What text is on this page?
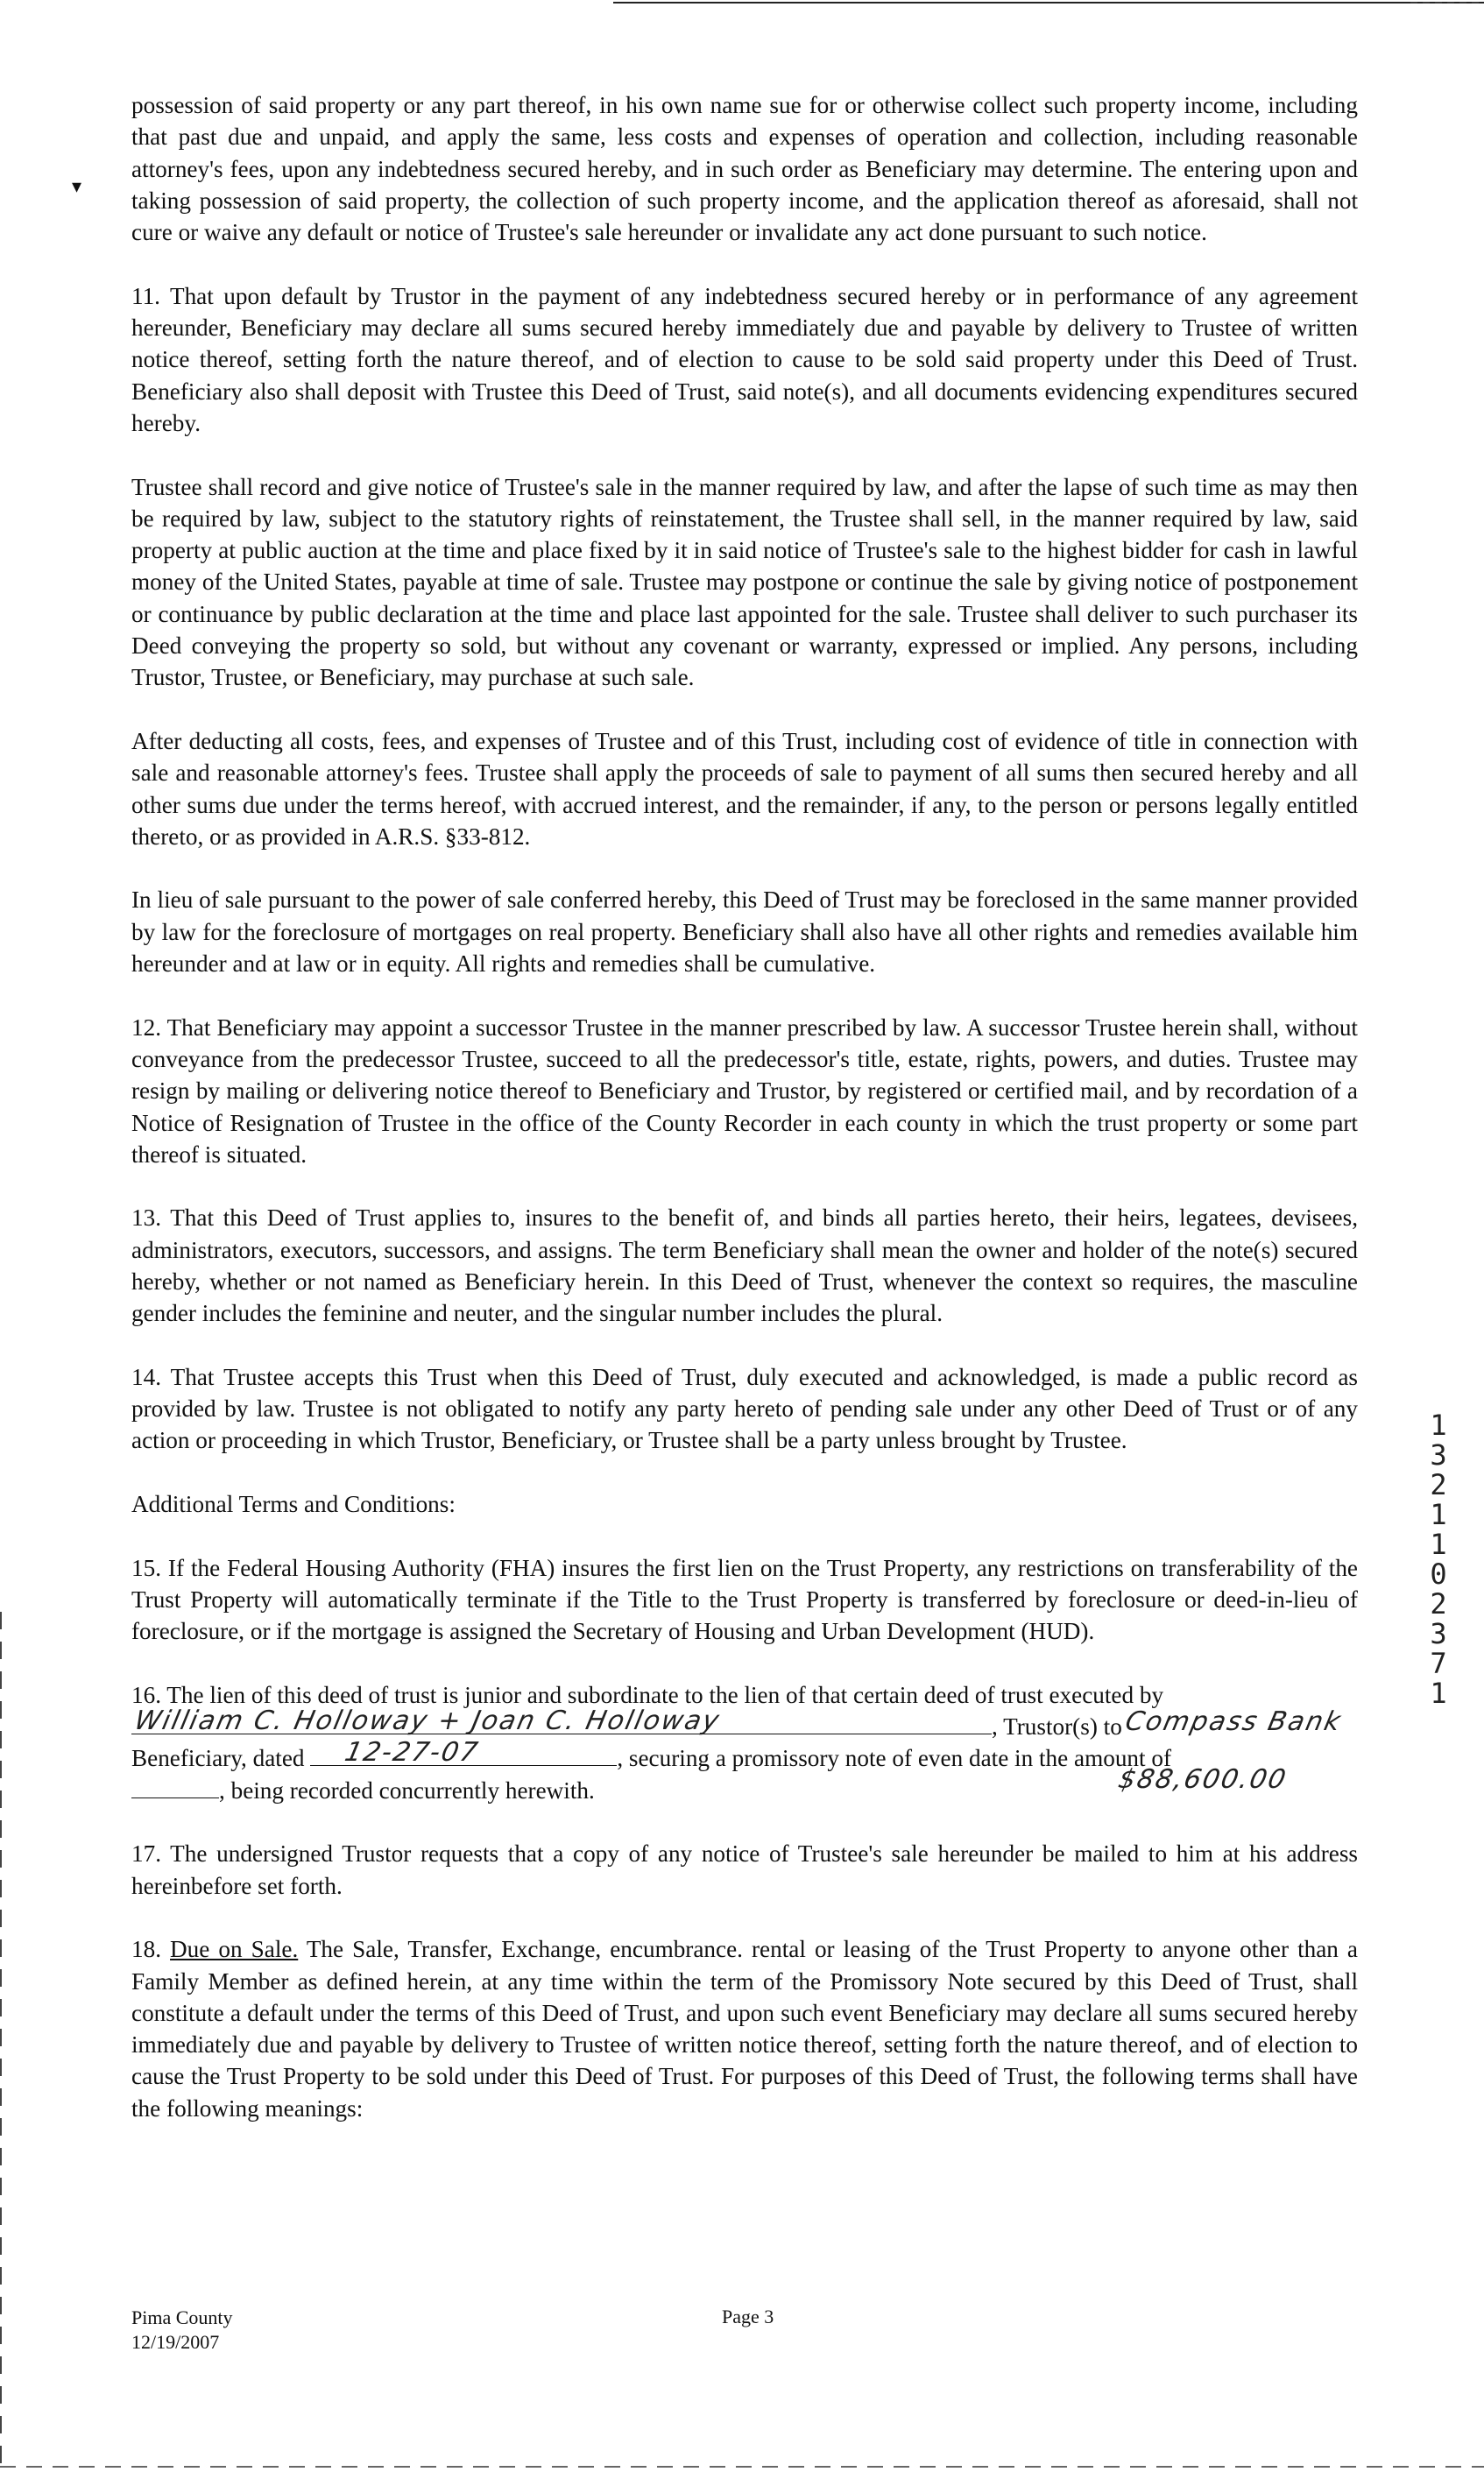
▾

possession of said property or any part thereof, in his own name sue for or otherwise collect such property income, including that past due and unpaid, and apply the same, less costs and expenses of operation and collection, including reasonable attorney's fees, upon any indebtedness secured hereby, and in such order as Beneficiary may determine. The entering upon and taking possession of said property, the collection of such property income, and the application thereof as aforesaid, shall not cure or waive any default or notice of Trustee's sale hereunder or invalidate any act done pursuant to such notice.

11. That upon default by Trustor in the payment of any indebtedness secured hereby or in performance of any agreement hereunder, Beneficiary may declare all sums secured hereby immediately due and payable by delivery to Trustee of written notice thereof, setting forth the nature thereof, and of election to cause to be sold said property under this Deed of Trust. Beneficiary also shall deposit with Trustee this Deed of Trust, said note(s), and all documents evidencing expenditures secured hereby.

Trustee shall record and give notice of Trustee's sale in the manner required by law, and after the lapse of such time as may then be required by law, subject to the statutory rights of reinstatement, the Trustee shall sell, in the manner required by law, said property at public auction at the time and place fixed by it in said notice of Trustee's sale to the highest bidder for cash in lawful money of the United States, payable at time of sale. Trustee may postpone or continue the sale by giving notice of postponement or continuance by public declaration at the time and place last appointed for the sale. Trustee shall deliver to such purchaser its Deed conveying the property so sold, but without any covenant or warranty, expressed or implied. Any persons, including Trustor, Trustee, or Beneficiary, may purchase at such sale.

After deducting all costs, fees, and expenses of Trustee and of this Trust, including cost of evidence of title in connection with sale and reasonable attorney's fees. Trustee shall apply the proceeds of sale to payment of all sums then secured hereby and all other sums due under the terms hereof, with accrued interest, and the remainder, if any, to the person or persons legally entitled thereto, or as provided in A.R.S. §33-812.

In lieu of sale pursuant to the power of sale conferred hereby, this Deed of Trust may be foreclosed in the same manner provided by law for the foreclosure of mortgages on real property. Beneficiary shall also have all other rights and remedies available him hereunder and at law or in equity. All rights and remedies shall be cumulative.

12. That Beneficiary may appoint a successor Trustee in the manner prescribed by law. A successor Trustee herein shall, without conveyance from the predecessor Trustee, succeed to all the predecessor's title, estate, rights, powers, and duties. Trustee may resign by mailing or delivering notice thereof to Beneficiary and Trustor, by registered or certified mail, and by recordation of a Notice of Resignation of Trustee in the office of the County Recorder in each county in which the trust property or some part thereof is situated.

13. That this Deed of Trust applies to, insures to the benefit of, and binds all parties hereto, their heirs, legatees, devisees, administrators, executors, successors, and assigns. The term Beneficiary shall mean the owner and holder of the note(s) secured hereby, whether or not named as Beneficiary herein. In this Deed of Trust, whenever the context so requires, the masculine gender includes the feminine and neuter, and the singular number includes the plural.

14. That Trustee accepts this Trust when this Deed of Trust, duly executed and acknowledged, is made a public record as provided by law. Trustee is not obligated to notify any party hereto of pending sale under any other Deed of Trust or of any action or proceeding in which Trustor, Beneficiary, or Trustee shall be a party unless brought by Trustee.

Additional Terms and Conditions:

15. If the Federal Housing Authority (FHA) insures the first lien on the Trust Property, any restrictions on transferability of the Trust Property will automatically terminate if the Title to the Trust Property is transferred by foreclosure or deed-in-lieu of foreclosure, or if the mortgage is assigned the Secretary of Housing and Urban Development (HUD).

16. The lien of this deed of trust is junior and subordinate to the lien of that certain deed of trust executed by

William C. Holloway + Joan C. Holloway	, Trustor(s) to Compass Bank

Beneficiary, dated 12-27-07	, securing a promissory note of even date in the amount of
$88,600.00

, being recorded concurrently herewith.

17. The undersigned Trustor requests that a copy of any notice of Trustee's sale hereunder be mailed to him at his address hereinbefore set forth.

18. Due on Sale. The Sale, Transfer, Exchange, encumbrance. rental or leasing of the Trust Property to anyone other than a Family Member as defined herein, at any time within the term of the Promissory Note secured by this Deed of Trust, shall constitute a default under the terms of this Deed of Trust, and upon such event Beneficiary may declare all sums secured hereby immediately due and payable by delivery to Trustee of written notice thereof, setting forth the nature thereof, and of election to cause the Trust Property to be sold under this Deed of Trust. For purposes of this Deed of Trust, the following terms shall have the following meanings:

1
3
2
1
1
0
2
3
7
1
Pima County
12/19/2007
Page 3
